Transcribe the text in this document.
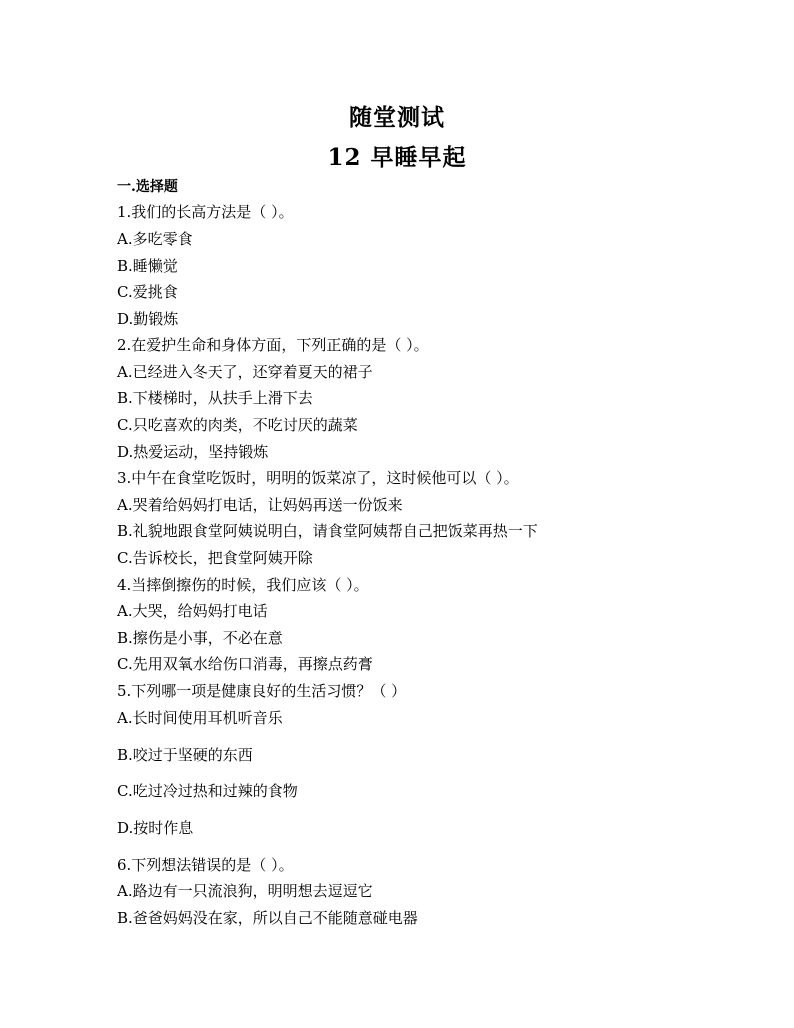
随堂测试
12 早睡早起
一.选择题
1.我们的长高方法是（ ）。
A.多吃零食
B.睡懒觉
C.爱挑食
D.勤锻炼
2.在爱护生命和身体方面，下列正确的是（ ）。
A.已经进入冬天了，还穿着夏天的裙子
B.下楼梯时，从扶手上滑下去
C.只吃喜欢的肉类，不吃讨厌的蔬菜
D.热爱运动，坚持锻炼
3.中午在食堂吃饭时，明明的饭菜凉了，这时候他可以（ ）。
A.哭着给妈妈打电话，让妈妈再送一份饭来
B.礼貌地跟食堂阿姨说明白，请食堂阿姨帮自己把饭菜再热一下
C.告诉校长，把食堂阿姨开除
4.当摔倒擦伤的时候，我们应该（ ）。
A.大哭，给妈妈打电话
B.擦伤是小事，不必在意
C.先用双氧水给伤口消毒，再擦点药膏
5.下列哪一项是健康良好的生活习惯？（ ）
A.长时间使用耳机听音乐
B.咬过于坚硬的东西
C.吃过冷过热和过辣的食物
D.按时作息
6.下列想法错误的是（ ）。
A.路边有一只流浪狗，明明想去逗逗它
B.爸爸妈妈没在家，所以自己不能随意碰电器
